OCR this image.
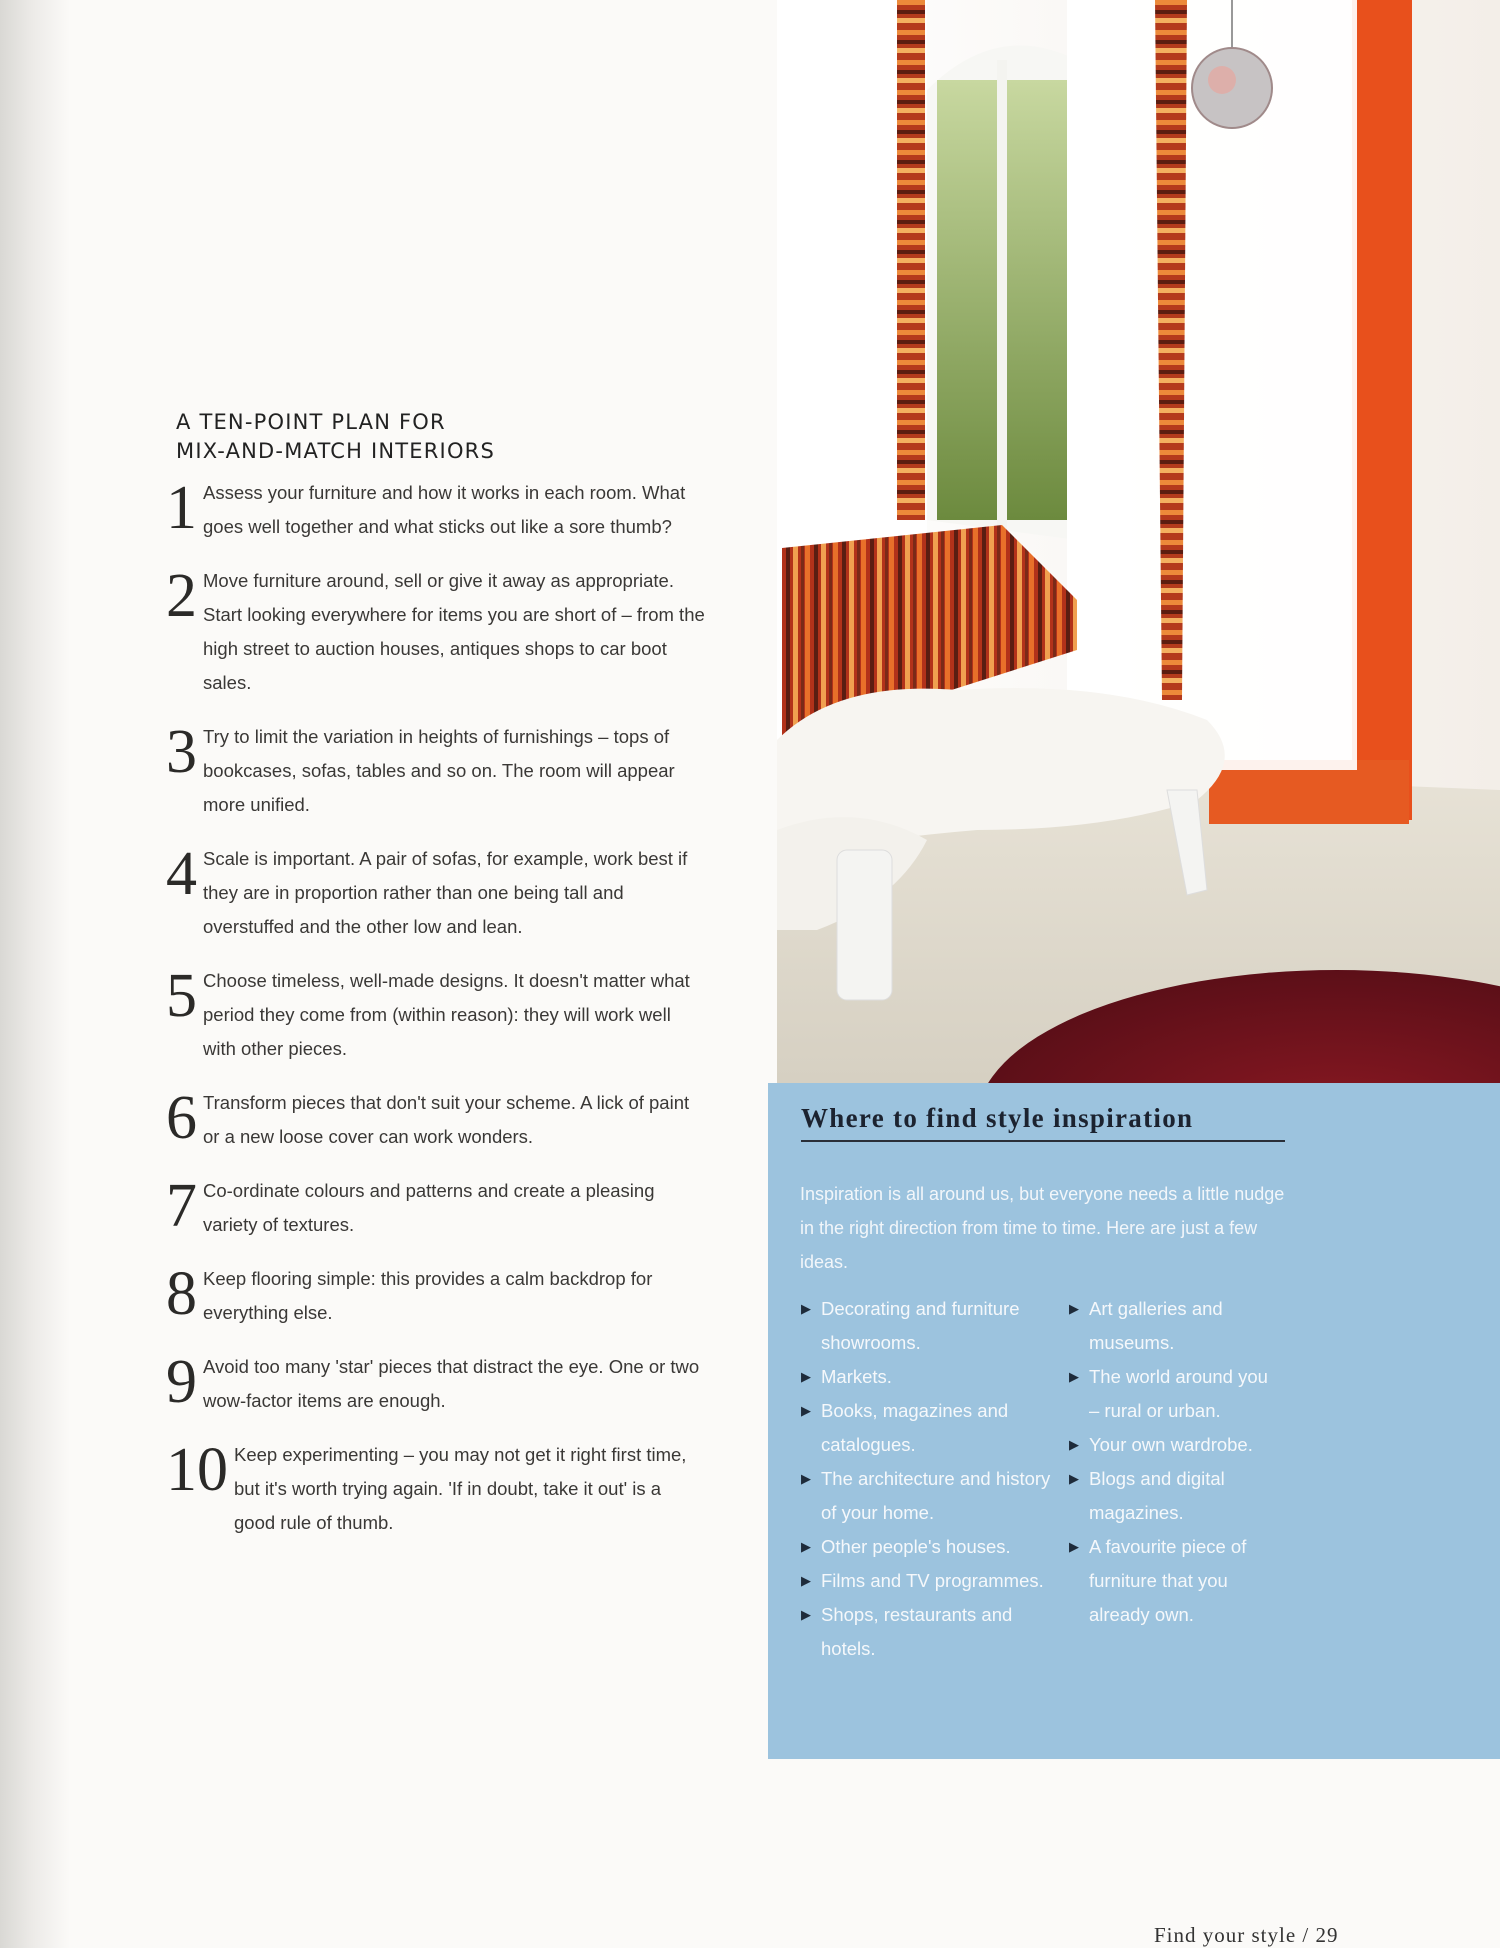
A TEN-POINT PLAN FOR
MIX-AND-MATCH INTERIORS
1 Assess your furniture and how it works in each room. What goes well together and what sticks out like a sore thumb?
2 Move furniture around, sell or give it away as appropriate. Start looking everywhere for items you are short of – from the high street to auction houses, antiques shops to car boot sales.
3 Try to limit the variation in heights of furnishings – tops of bookcases, sofas, tables and so on. The room will appear more unified.
4 Scale is important. A pair of sofas, for example, work best if they are in proportion rather than one being tall and overstuffed and the other low and lean.
5 Choose timeless, well-made designs. It doesn't matter what period they come from (within reason): they will work well with other pieces.
6 Transform pieces that don't suit your scheme. A lick of paint or a new loose cover can work wonders.
7 Co-ordinate colours and patterns and create a pleasing variety of textures.
8 Keep flooring simple: this provides a calm backdrop for everything else.
9 Avoid too many 'star' pieces that distract the eye. One or two wow-factor items are enough.
10 Keep experimenting – you may not get it right first time, but it's worth trying again. 'If in doubt, take it out' is a good rule of thumb.
Where to find style inspiration

Inspiration is all around us, but everyone needs a little nudge in the right direction from time to time. Here are just a few ideas.

▶ Decorating and furniture showrooms.
▶ Markets.
▶ Books, magazines and catalogues.
▶ The architecture and history of your home.
▶ Other people's houses.
▶ Films and TV programmes.
▶ Shops, restaurants and hotels.
▶ Art galleries and museums.
▶ The world around you – rural or urban.
▶ Your own wardrobe.
▶ Blogs and digital magazines.
▶ A favourite piece of furniture that you already own.
Find your style / 29
